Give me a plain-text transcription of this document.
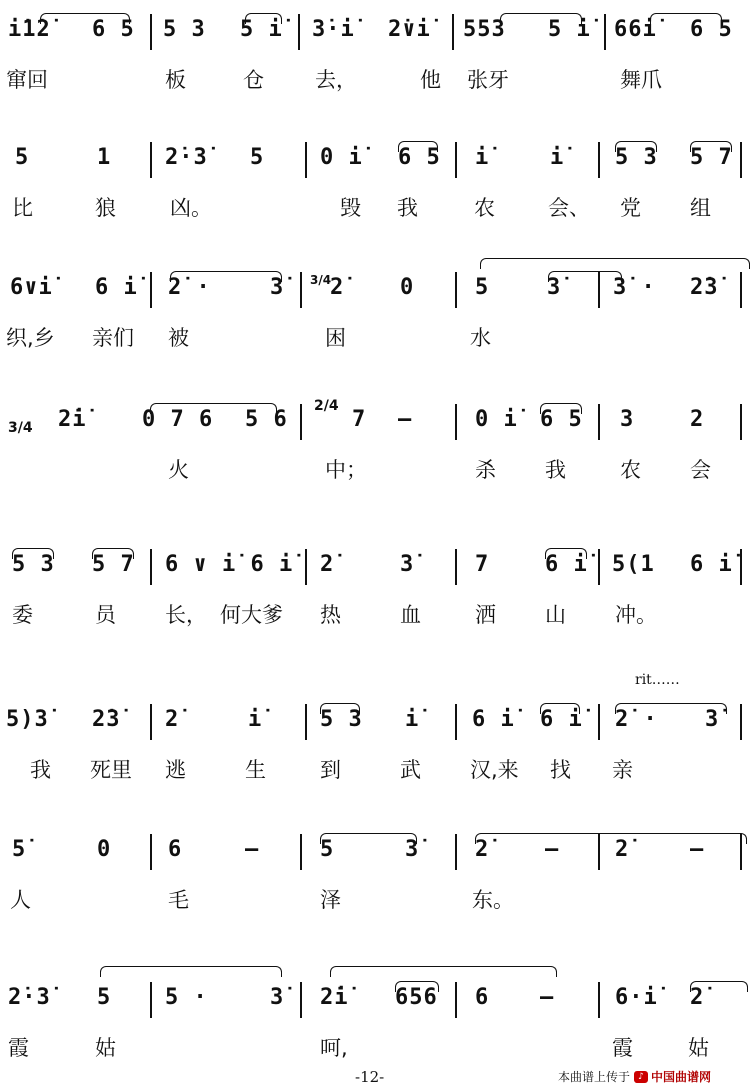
i̇1̇2̇ 6 5 5 3 5 i̇ 3̇·i̇ 2̇∨i̇ 553 5 i̇ 66i̇ 6 5
窜回	板	仓 去，	他 张牙	舞爪
5	1 2̇·3̇ 5	0 i̇ 6 5 i̇	i̇ 5 3 5 7
比	狼	凶。	毁 我	农	会、 党 组
6∨i̇ 6 i̇ 2̇ ·	3̇ 3/4
2̇	0	5	3̇ 3̇ · 2̇3̇
织,乡 亲们 被	困	水
3/4 2̇i̇	0 7 6 5 6
2/4
7 —	0 i̇ 6 5 3	2
火	中；	杀 我	农 会
5 3 5 7 6 ∨ i̇ 6 i̇ 2̇	3̇	7	6 i̇ 5(1 6 i̇
委	员 长， 何大爹 热	血	洒 山 冲。
rit……
5)3̇ 2̇3̇ 2̇	i̇	5 3 i̇ 6 i̇ 6 i̇ 2̇ · 3̇
我 死里 逃	生	到	武 汉,来 找 亲
5̇	0	6	—	5	3̇	2̇	—	2̇	—
人	毛	泽	东。
2̇·3̇ 5 5 ·	3̇ 2̇i̇ 656 6 —	6·i̇ 2̇
霞	姑	呵,	霞	姑
-12-	本曲谱上传于 ♪ 中国曲谱网
